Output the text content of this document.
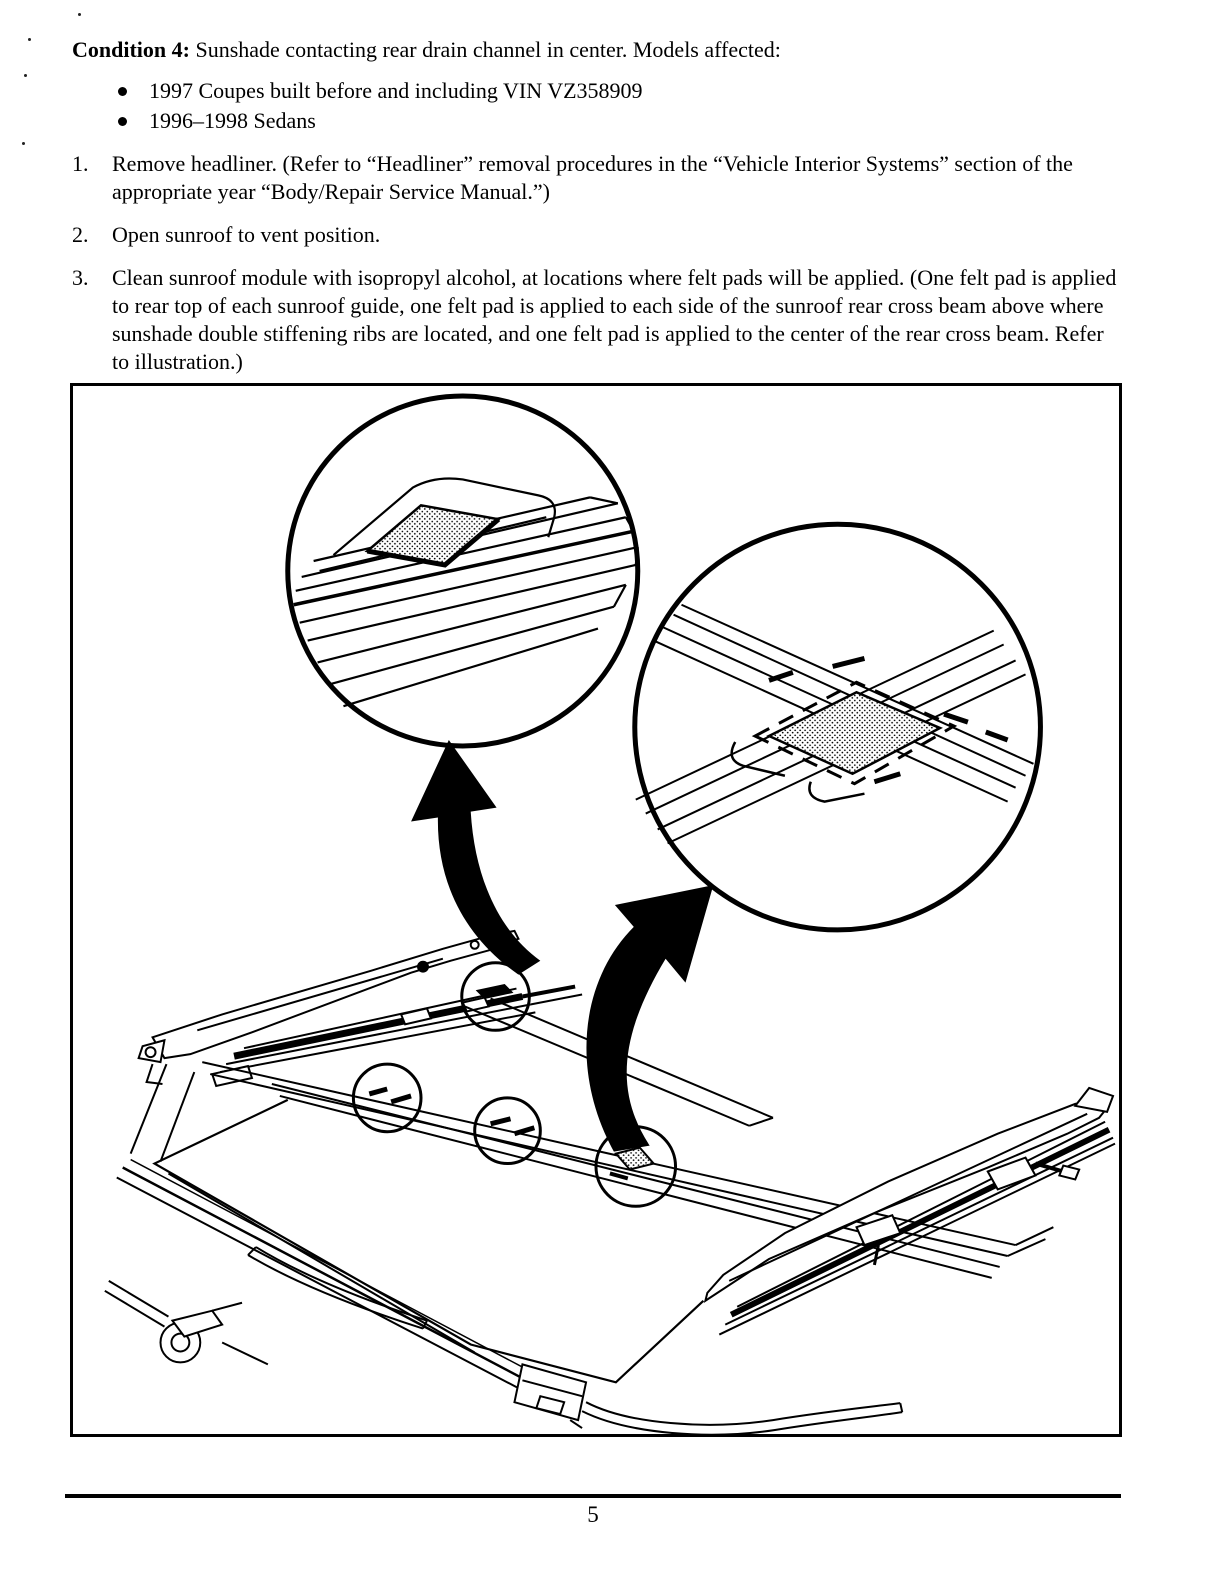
Condition 4: Sunshade contacting rear drain channel in center. Models affected:

1997 Coupes built before and including VIN VZ358909
1996–1998 Sedans
1.	Remove headliner. (Refer to “Headliner” removal procedures in the “Vehicle Interior Systems” section of the appropriate year “Body/Repair Service Manual.”)
2.	Open sunroof to vent position.
3.	Clean sunroof module with isopropyl alcohol, at locations where felt pads will be applied. (One felt pad is applied to rear top of each sunroof guide, one felt pad is applied to each side of the sunroof rear cross beam above where sunshade double stiffening ribs are located, and one felt pad is applied to the center of the rear cross beam. Refer to illustration.)
5
